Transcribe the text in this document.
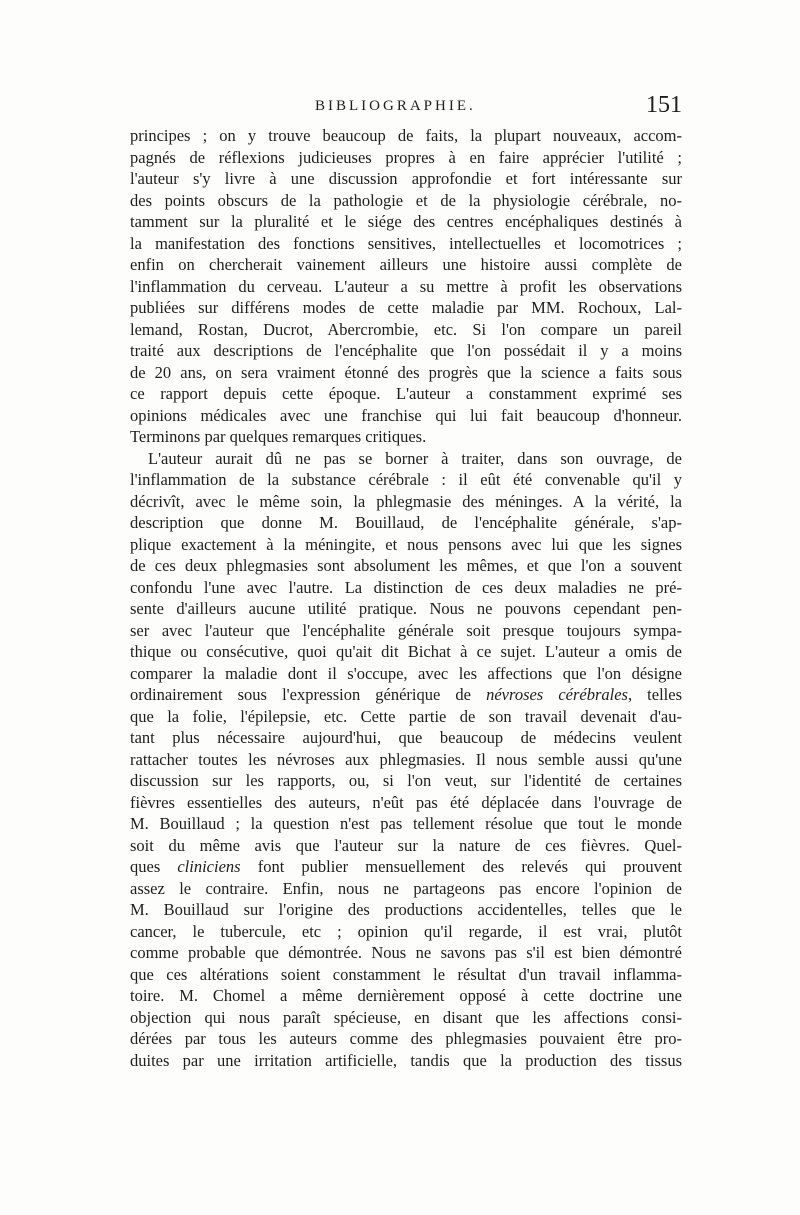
BIBLIOGRAPHIE.	151
principes ; on y trouve beaucoup de faits, la plupart nouveaux, accom-
pagnés de réflexions judicieuses propres à en faire apprécier l'utilité ;
l'auteur s'y livre à une discussion approfondie et fort intéressante sur
des points obscurs de la pathologie et de la physiologie cérébrale, no-
tamment sur la pluralité et le siége des centres encéphaliques destinés à
la manifestation des fonctions sensitives, intellectuelles et locomotrices ;
enfin on chercherait vainement ailleurs une histoire aussi complète de
l'inflammation du cerveau. L'auteur a su mettre à profit les observations
publiées sur différens modes de cette maladie par MM. Rochoux, Lal-
lemand, Rostan, Ducrot, Abercrombie, etc. Si l'on compare un pareil
traité aux descriptions de l'encéphalite que l'on possédait il y a moins
de 20 ans, on sera vraiment étonné des progrès que la science a faits sous
ce rapport depuis cette époque. L'auteur a constamment exprimé ses
opinions médicales avec une franchise qui lui fait beaucoup d'honneur.
Terminons par quelques remarques critiques.
L'auteur aurait dû ne pas se borner à traiter, dans son ouvrage, de
l'inflammation de la substance cérébrale : il eût été convenable qu'il y
décrivît, avec le même soin, la phlegmasie des méninges. A la vérité, la
description que donne M. Bouillaud, de l'encéphalite générale, s'ap-
plique exactement à la méningite, et nous pensons avec lui que les signes
de ces deux phlegmasies sont absolument les mêmes, et que l'on a souvent
confondu l'une avec l'autre. La distinction de ces deux maladies ne pré-
sente d'ailleurs aucune utilité pratique. Nous ne pouvons cependant pen-
ser avec l'auteur que l'encéphalite générale soit presque toujours sympa-
thique ou consécutive, quoi qu'ait dit Bichat à ce sujet. L'auteur a omis de
comparer la maladie dont il s'occupe, avec les affections que l'on désigne
ordinairement sous l'expression générique de névroses cérébrales, telles
que la folie, l'épilepsie, etc. Cette partie de son travail devenait d'au-
tant plus nécessaire aujourd'hui, que beaucoup de médecins veulent
rattacher toutes les névroses aux phlegmasies. Il nous semble aussi qu'une
discussion sur les rapports, ou, si l'on veut, sur l'identité de certaines
fièvres essentielles des auteurs, n'eût pas été déplacée dans l'ouvrage de
M. Bouillaud ; la question n'est pas tellement résolue que tout le monde
soit du même avis que l'auteur sur la nature de ces fièvres. Quel-
ques cliniciens font publier mensuellement des relevés qui prouvent
assez le contraire. Enfin, nous ne partageons pas encore l'opinion de
M. Bouillaud sur l'origine des productions accidentelles, telles que le
cancer, le tubercule, etc ; opinion qu'il regarde, il est vrai, plutôt
comme probable que démontrée. Nous ne savons pas s'il est bien démontré
que ces altérations soient constamment le résultat d'un travail inflamma-
toire. M. Chomel a même dernièrement opposé à cette doctrine une
objection qui nous paraît spécieuse, en disant que les affections consi-
dérées par tous les auteurs comme des phlegmasies pouvaient être pro-
duites par une irritation artificielle, tandis que la production des tissus
